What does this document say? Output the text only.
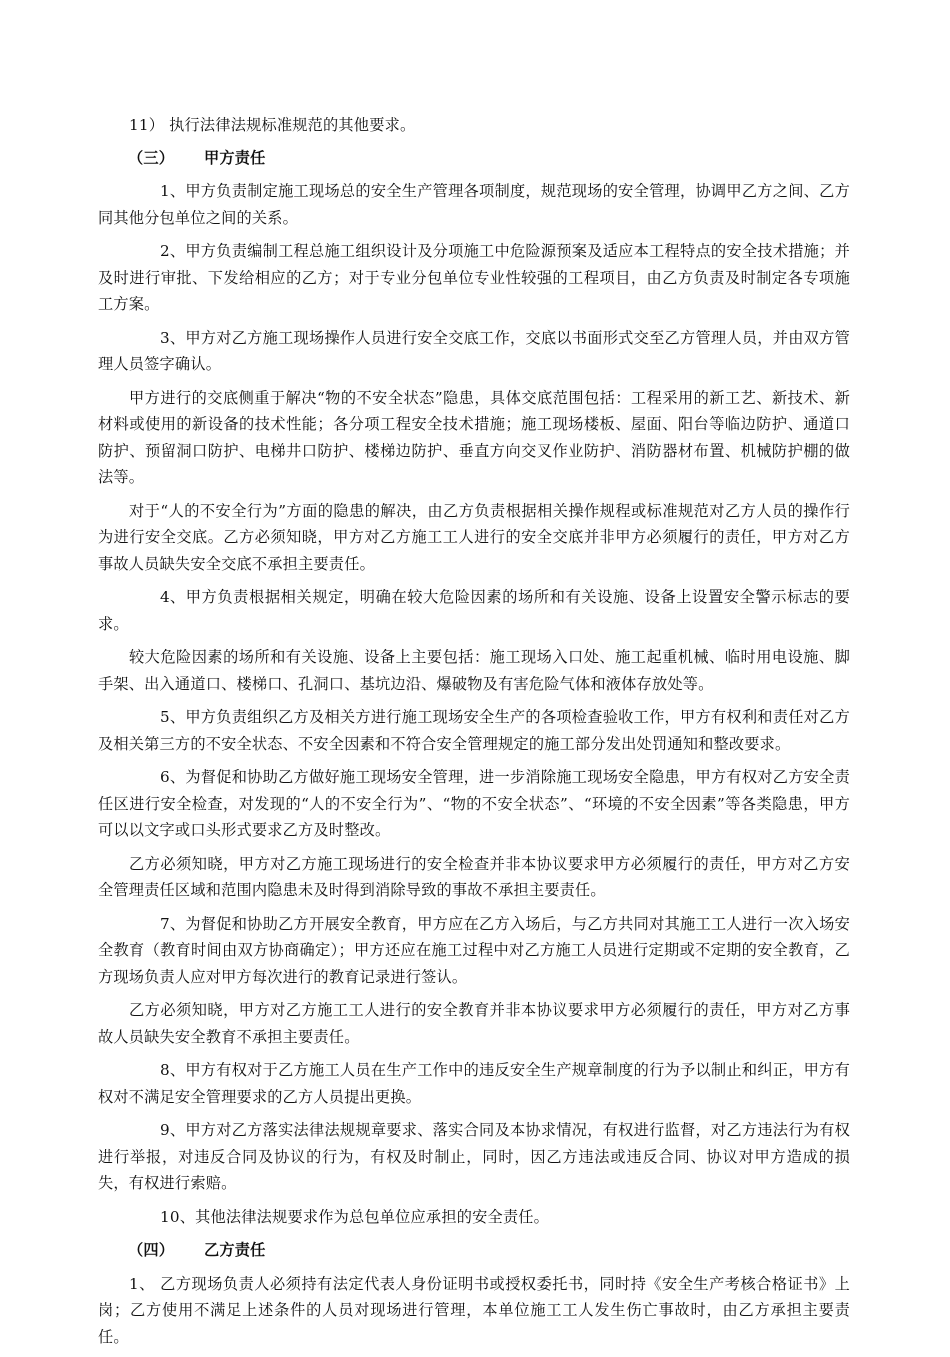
11） 执行法律法规标准规范的其他要求。

（三） 甲方责任

1、甲方负责制定施工现场总的安全生产管理各项制度，规范现场的安全管理，协调甲乙方之间、乙方同其他分包单位之间的关系。

2、甲方负责编制工程总施工组织设计及分项施工中危险源预案及适应本工程特点的安全技术措施；并及时进行审批、下发给相应的乙方；对于专业分包单位专业性较强的工程项目，由乙方负责及时制定各专项施工方案。

3、甲方对乙方施工现场操作人员进行安全交底工作，交底以书面形式交至乙方管理人员，并由双方管理人员签字确认。

甲方进行的交底侧重于解决“物的不安全状态”隐患，具体交底范围包括：工程采用的新工艺、新技术、新材料或使用的新设备的技术性能；各分项工程安全技术措施；施工现场楼板、屋面、阳台等临边防护、通道口防护、预留洞口防护、电梯井口防护、楼梯边防护、垂直方向交叉作业防护、消防器材布置、机械防护棚的做法等。

对于“人的不安全行为”方面的隐患的解决，由乙方负责根据相关操作规程或标准规范对乙方人员的操作行为进行安全交底。乙方必须知晓，甲方对乙方施工工人进行的安全交底并非甲方必须履行的责任，甲方对乙方事故人员缺失安全交底不承担主要责任。

4、甲方负责根据相关规定，明确在较大危险因素的场所和有关设施、设备上设置安全警示标志的要求。

较大危险因素的场所和有关设施、设备上主要包括：施工现场入口处、施工起重机械、临时用电设施、脚手架、出入通道口、楼梯口、孔洞口、基坑边沿、爆破物及有害危险气体和液体存放处等。

5、甲方负责组织乙方及相关方进行施工现场安全生产的各项检查验收工作，甲方有权利和责任对乙方及相关第三方的不安全状态、不安全因素和不符合安全管理规定的施工部分发出处罚通知和整改要求。

6、为督促和协助乙方做好施工现场安全管理，进一步消除施工现场安全隐患，甲方有权对乙方安全责任区进行安全检查，对发现的“人的不安全行为”、“物的不安全状态”、“环境的不安全因素”等各类隐患，甲方可以以文字或口头形式要求乙方及时整改。

乙方必须知晓，甲方对乙方施工现场进行的安全检查并非本协议要求甲方必须履行的责任，甲方对乙方安全管理责任区域和范围内隐患未及时得到消除导致的事故不承担主要责任。

7、为督促和协助乙方开展安全教育，甲方应在乙方入场后，与乙方共同对其施工工人进行一次入场安全教育（教育时间由双方协商确定）；甲方还应在施工过程中对乙方施工人员进行定期或不定期的安全教育，乙方现场负责人应对甲方每次进行的教育记录进行签认。

乙方必须知晓，甲方对乙方施工工人进行的安全教育并非本协议要求甲方必须履行的责任，甲方对乙方事故人员缺失安全教育不承担主要责任。

8、甲方有权对于乙方施工人员在生产工作中的违反安全生产规章制度的行为予以制止和纠正，甲方有权对不满足安全管理要求的乙方人员提出更换。

9、甲方对乙方落实法律法规规章要求、落实合同及本协求情况，有权进行监督，对乙方违法行为有权进行举报，对违反合同及协议的行为，有权及时制止，同时，因乙方违法或违反合同、协议对甲方造成的损失，有权进行索赔。

10、其他法律法规要求作为总包单位应承担的安全责任。

（四） 乙方责任

1、 乙方现场负责人必须持有法定代表人身份证明书或授权委托书，同时持《安全生产考核合格证书》上岗；乙方使用不满足上述条件的人员对现场进行管理，本单位施工工人发生伤亡事故时，由乙方承担主要责任。
